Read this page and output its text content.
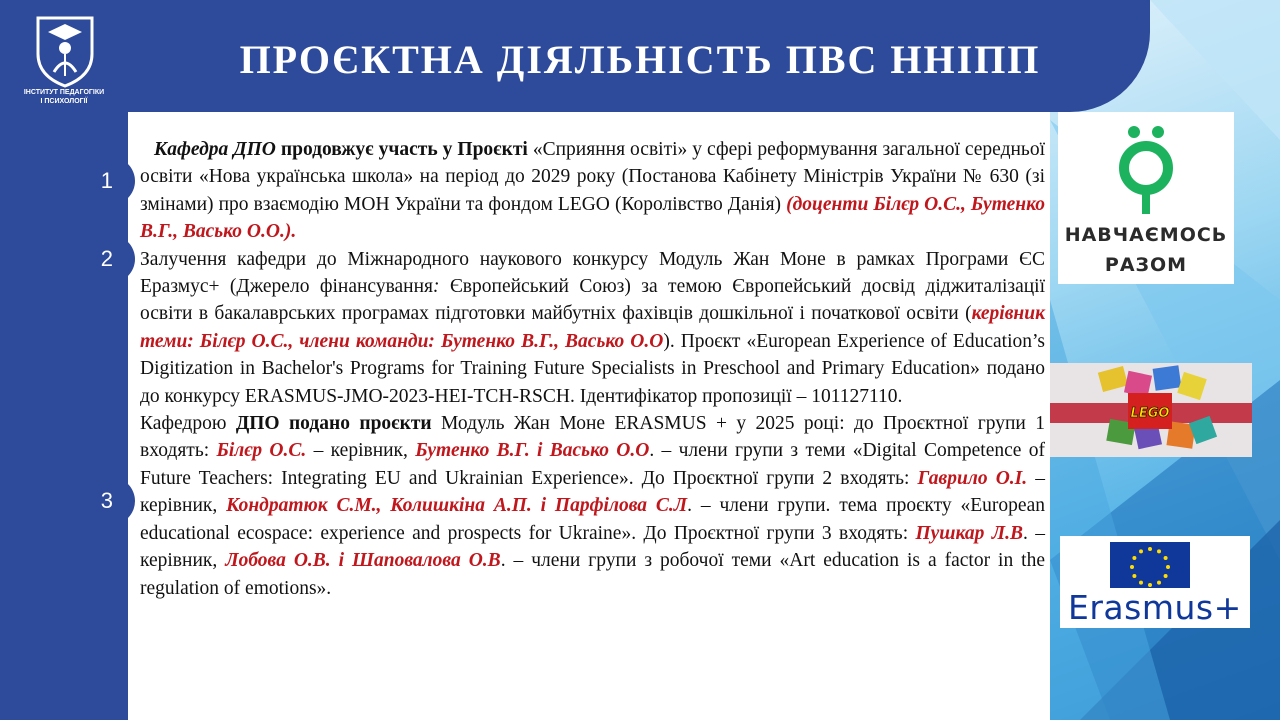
ІНСТИТУТ ПЕДАГОГІКИ
І ПСИХОЛОГІЇ
ПРОЄКТНА ДІЯЛЬНІСТЬ ПВС ННІПП
1
2
3

Кафедра ДПО продовжує участь у Проєкті «Сприяння освіті» у сфері реформування загальної середньої освіти «Нова українська школа» на період до 2029 року (Постанова Кабінету Міністрів України № 630 (зі змінами) про взаємодію МОН України та фондом LEGO (Королівство Данія) (доценти Білєр О.С., Бутенко В.Г., Васько О.О.).

Залучення кафедри до Міжнародного наукового конкурсу Модуль Жан Моне в рамках Програми ЄС Еразмус+ (Джерело фінансування: Європейський Союз) за темою Європейський досвід діджиталізації освіти в бакалаврських програмах підготовки майбутніх фахівців дошкільної і початкової освіти (керівник теми: Білєр О.С., члени команди: Бутенко В.Г., Васько О.О). Проєкт «European Experience of Education’s Digitization in Bachelor's Programs for Training Future Specialists in Preschool and Primary Education» подано до конкурсу ERASMUS-JMO-2023-HEI-TCH-RSCH. Ідентифікатор пропозиції – 101127110.

Кафедрою ДПО подано проєкти Модуль Жан Моне ERASMUS + у 2025 році: до Проєктної групи 1 входять: Білєр О.С. – керівник, Бутенко В.Г. і Васько О.О. – члени групи з теми «Digital Competence of Future Teachers: Integrating EU and Ukrainian Experience». До Проєктної групи 2 входять: Гаврило О.І. – керівник, Кондратюк С.М., Колишкіна А.П. і Парфілова С.Л. – члени групи. тема проєкту «European educational ecospace: experience and prospects for Ukraine». До Проєктної групи 3 входять: Пушкар Л.В. – керівник, Лобова О.В. і Шаповалова О.В. – члени групи з робочої теми «Art education is a factor in the regulation of emotions».

НАВЧАЄМОСЬ
РАЗОМ
LEGO
Erasmus+
